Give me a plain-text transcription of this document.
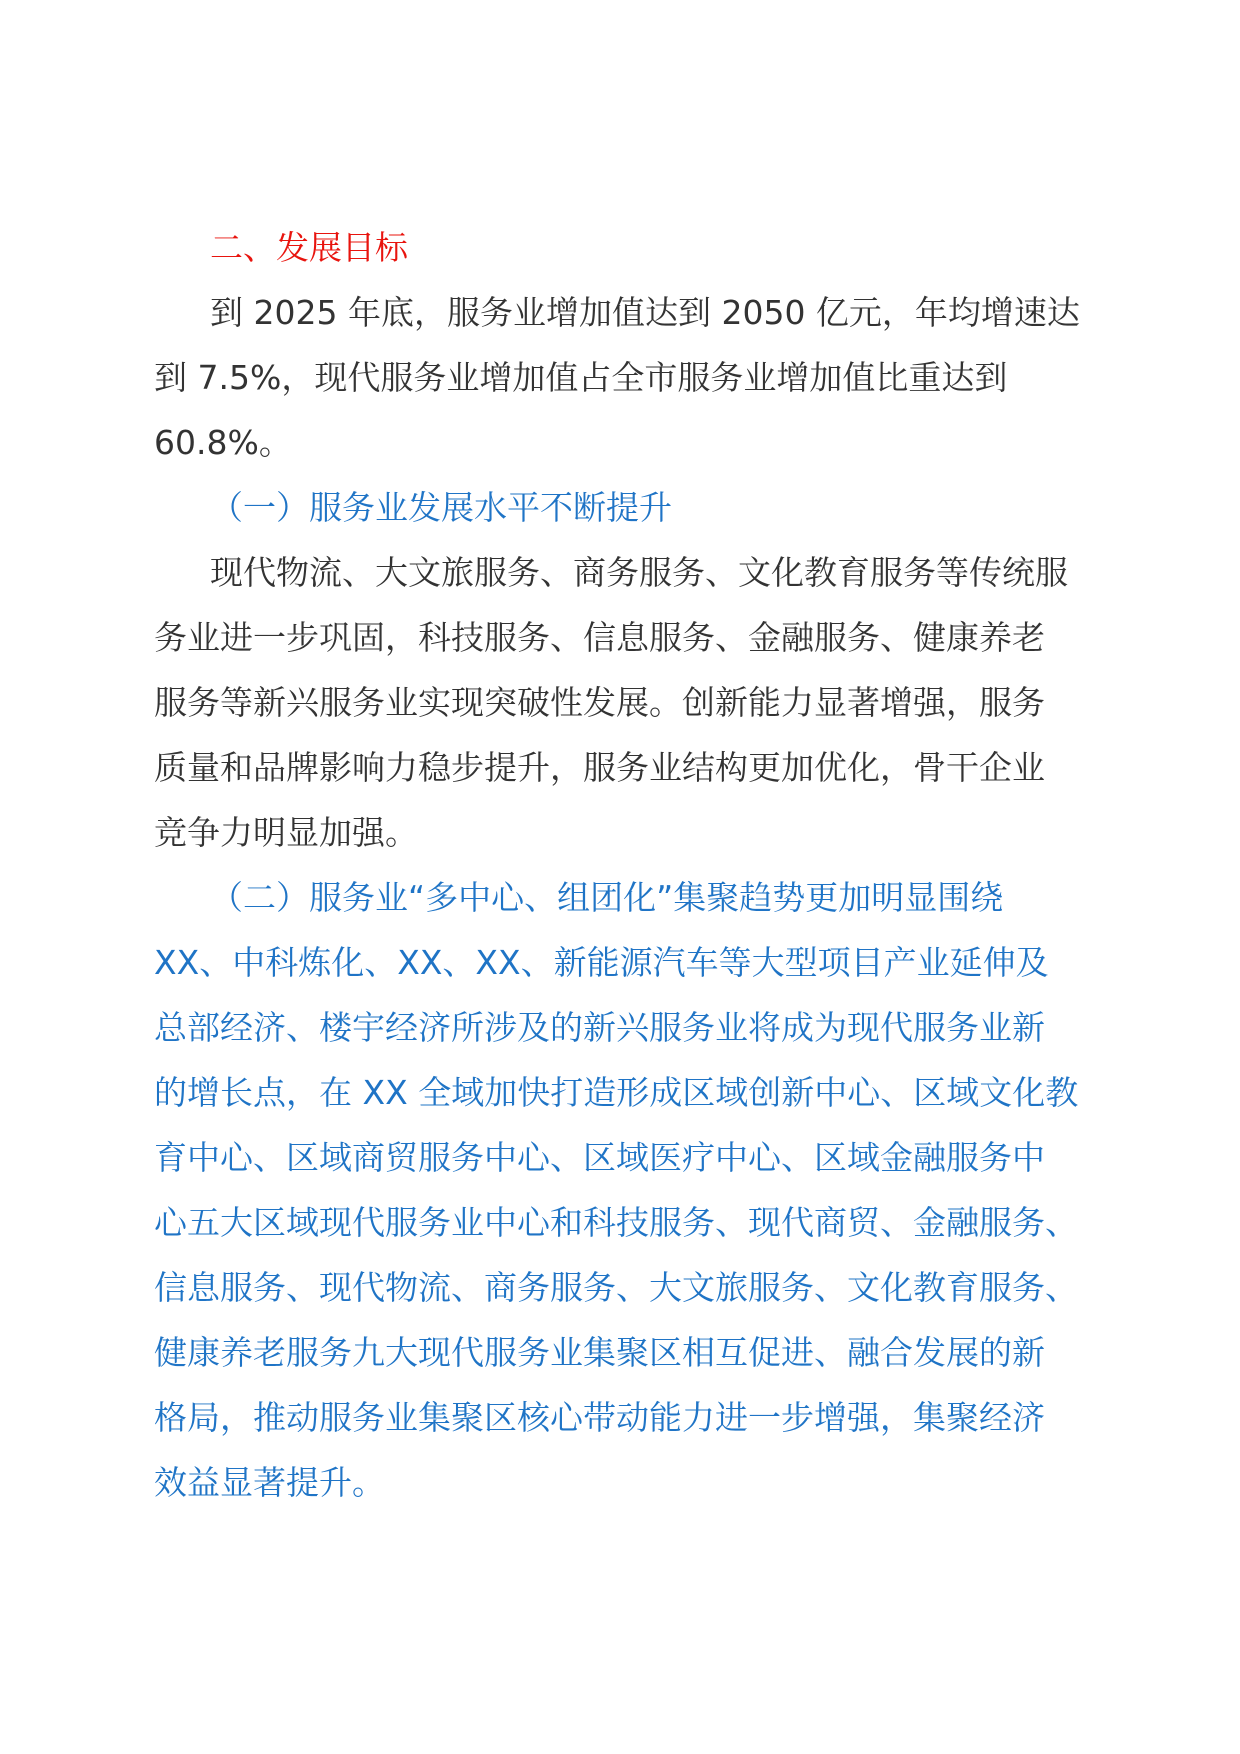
二、发展目标
到 2025 年底，服务业增加值达到 2050 亿元，年均增速达
到 7.5%，现代服务业增加值占全市服务业增加值比重达到
60.8%。
（一）服务业发展水平不断提升
现代物流、大文旅服务、商务服务、文化教育服务等传统服
务业进一步巩固，科技服务、信息服务、金融服务、健康养老
服务等新兴服务业实现突破性发展。创新能力显著增强，服务
质量和品牌影响力稳步提升，服务业结构更加优化，骨干企业
竞争力明显加强。
（二）服务业“多中心、组团化”集聚趋势更加明显围绕
XX、中科炼化、XX、XX、新能源汽车等大型项目产业延伸及
总部经济、楼宇经济所涉及的新兴服务业将成为现代服务业新
的增长点，在 XX 全域加快打造形成区域创新中心、区域文化教
育中心、区域商贸服务中心、区域医疗中心、区域金融服务中
心五大区域现代服务业中心和科技服务、现代商贸、金融服务、
信息服务、现代物流、商务服务、大文旅服务、文化教育服务、
健康养老服务九大现代服务业集聚区相互促进、融合发展的新
格局，推动服务业集聚区核心带动能力进一步增强，集聚经济
效益显著提升。
